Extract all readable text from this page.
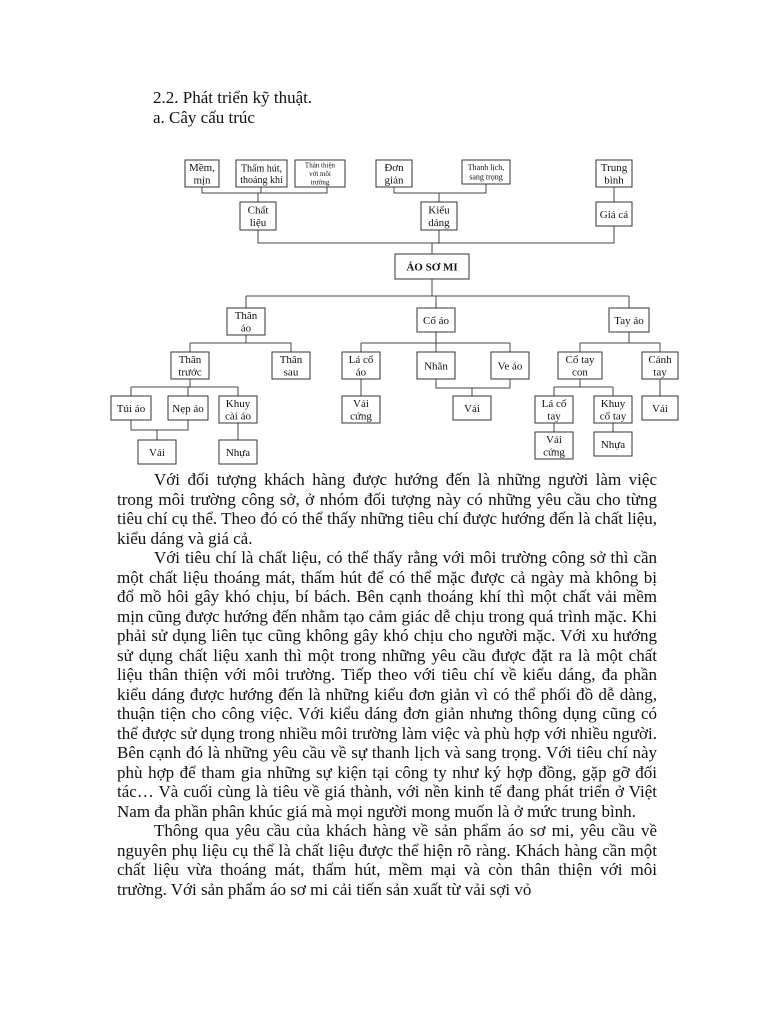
2.2. Phát triển kỹ thuật.
a. Cây cấu trúc
Mềm,
mịn
Thấm hút,
thoáng khí
Thân thiện
với môi
trường
Đơn
giản
Thanh lịch,
sang trọng
Trung
bình
Chất
liệu
Kiểu
dáng
Giá cả
ÁO SƠ MI
Thân
áo
Cổ áo	Tay áo
Thân
trước
Thân
sau
Lá cổ
áo
Nhãn	Ve áo
Cổ tay
con
Cánh
tay
Túi áo Nẹp áo Khuy
cài áo
Vải
cứng
Vải	Lá cổ
tay
Khuy
cổ tay
Vải
Vải	Nhựa
Vải
cứng
Nhựa

Với đối tượng khách hàng được hướng đến là những người làm việc trong môi trường công sở, ở nhóm đối tượng này có những yêu cầu cho từng tiêu chí cụ thể. Theo đó có thể thấy những tiêu chí được hướng đến là chất liệu, kiểu dáng và giá cả.

Với tiêu chí là chất liệu, có thể thấy rằng với môi trường công sở thì cần một chất liệu thoáng mát, thấm hút để có thể mặc được cả ngày mà không bị đổ mồ hôi gây khó chịu, bí bách. Bên cạnh thoáng khí thì một chất vải mềm mịn cũng được hướng đến nhằm tạo cảm giác dễ chịu trong quá trình mặc. Khi phải sử dụng liên tục cũng không gây khó chịu cho người mặc. Với xu hướng sử dụng chất liệu xanh thì một trong những yêu cầu được đặt ra là một chất liệu thân thiện với môi trường. Tiếp theo với tiêu chí về kiểu dáng, đa phần kiểu dáng được hướng đến là những kiểu đơn giản vì có thể phối đồ dễ dàng, thuận tiện cho công việc. Với kiểu dáng đơn giản nhưng thông dụng cũng có thể được sử dụng trong nhiều môi trường làm việc và phù hợp với nhiều người. Bên cạnh đó là những yêu cầu về sự thanh lịch và sang trọng. Với tiêu chí này phù hợp để tham gia những sự kiện tại công ty như ký hợp đồng, gặp gỡ đối tác… Và cuối cùng là tiêu về giá thành, với nền kinh tế đang phát triển ở Việt Nam đa phần phân khúc giá mà mọi người mong muốn là ở mức trung bình.

Thông qua yêu cầu của khách hàng về sản phẩm áo sơ mi, yêu cầu về nguyên phụ liệu cụ thể là chất liệu được thể hiện rõ ràng. Khách hàng cần một chất liệu vừa thoáng mát, thấm hút, mềm mại và còn thân thiện với môi trường. Với sản phẩm áo sơ mi cải tiến sản xuất từ vải sợi vỏ
